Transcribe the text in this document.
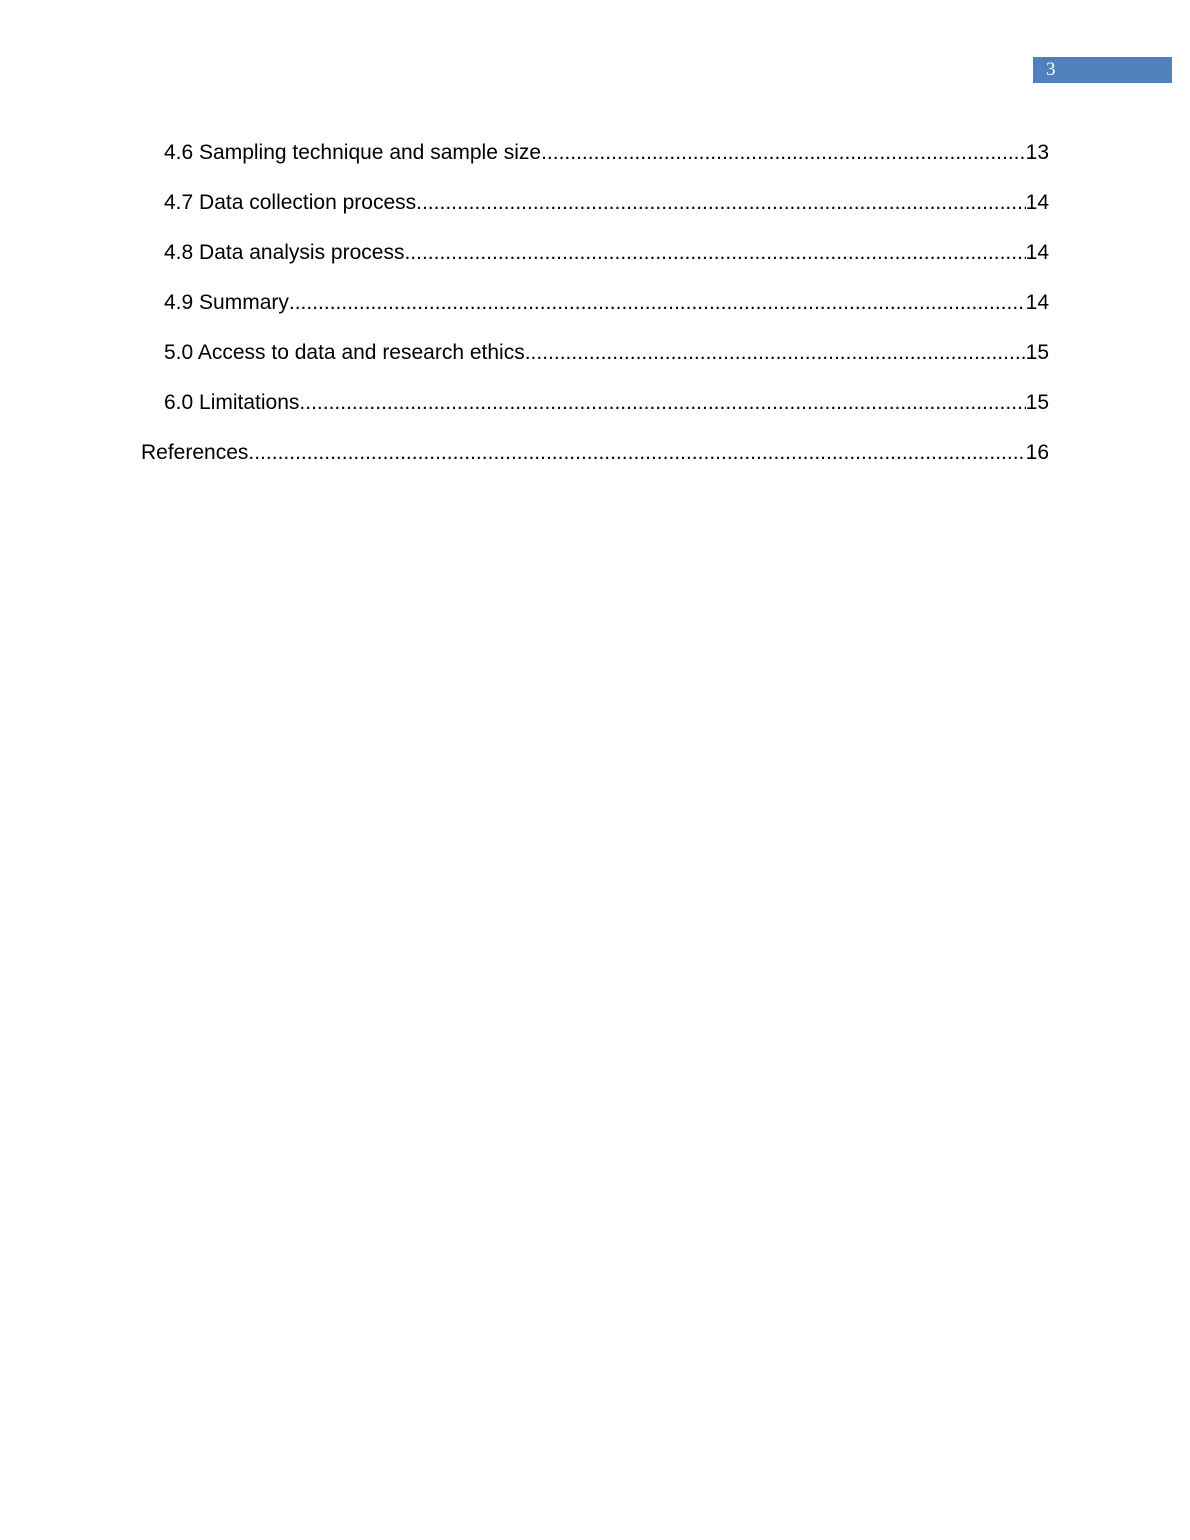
3
4.6 Sampling technique and sample size .....	13
4.7 Data collection process .....	14
4.8 Data analysis process .....	14
4.9 Summary .....	14
5.0 Access to data and research ethics .....	15
6.0 Limitations .....	15
References .....	16
